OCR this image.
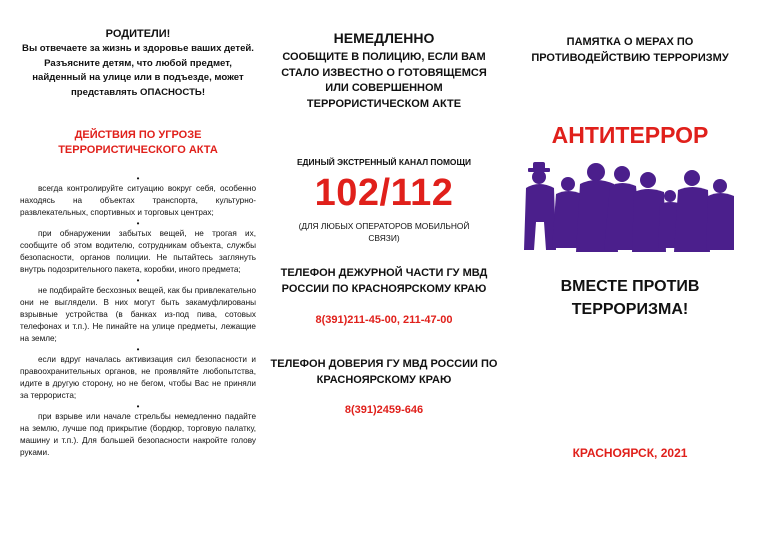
РОДИТЕЛИ!
Вы отвечаете за жизнь и здоровье ваших детей. Разъясните детям, что любой предмет, найденный на улице или в подъезде, может представлять ОПАСНОСТЬ!
ДЕЙСТВИЯ ПО УГРОЗЕ ТЕРРОРИСТИЧЕСКОГО АКТА
•

всегда контролируйте ситуацию вокруг себя, особенно находясь на объектах транспорта, культурно-развлекательных, спортивных и торговых центрах;

•

при обнаружении забытых вещей, не трогая их, сообщите об этом водителю, сотрудникам объекта, службы безопасности, органов полиции. Не пытайтесь заглянуть внутрь подозрительного пакета, коробки, иного предмета;

•

не подбирайте бесхозных вещей, как бы привлекательно они не выглядели. В них могут быть закамуфлированы взрывные устройства (в банках из-под пива, сотовых телефонах и т.п.). Не пинайте на улице предметы, лежащие на земле;

•

если вдруг началась активизация сил безопасности и правоохранительных органов, не проявляйте любопытства, идите в другую сторону, но не бегом, чтобы Вас не приняли за террориста;

•

при взрыве или начале стрельбы немедленно падайте на землю, лучше под прикрытие (бордюр, торговую палатку, машину и т.п.). Для большей безопасности накройте голову руками.

НЕМЕДЛЕННО
СООБЩИТЕ В ПОЛИЦИЮ, ЕСЛИ ВАМ СТАЛО ИЗВЕСТНО О ГОТОВЯЩЕМСЯ ИЛИ СОВЕРШЕННОМ ТЕРРОРИСТИЧЕСКОМ АКТЕ
ЕДИНЫЙ ЭКСТРЕННЫЙ КАНАЛ ПОМОЩИ
102/112
(ДЛЯ ЛЮБЫХ ОПЕРАТОРОВ МОБИЛЬНОЙ СВЯЗИ)
ТЕЛЕФОН ДЕЖУРНОЙ ЧАСТИ ГУ МВД РОССИИ ПО КРАСНОЯРСКОМУ КРАЮ
8(391)211-45-00, 211-47-00
ТЕЛЕФОН ДОВЕРИЯ ГУ МВД РОССИИ ПО КРАСНОЯРСКОМУ КРАЮ
8(391)2459-646
ПАМЯТКА О МЕРАХ ПО ПРОТИВОДЕЙСТВИЮ ТЕРРОРИЗМУ
АНТИТЕРРОР
ВМЕСТЕ ПРОТИВ ТЕРРОРИЗМА!
КРАСНОЯРСК, 2021
